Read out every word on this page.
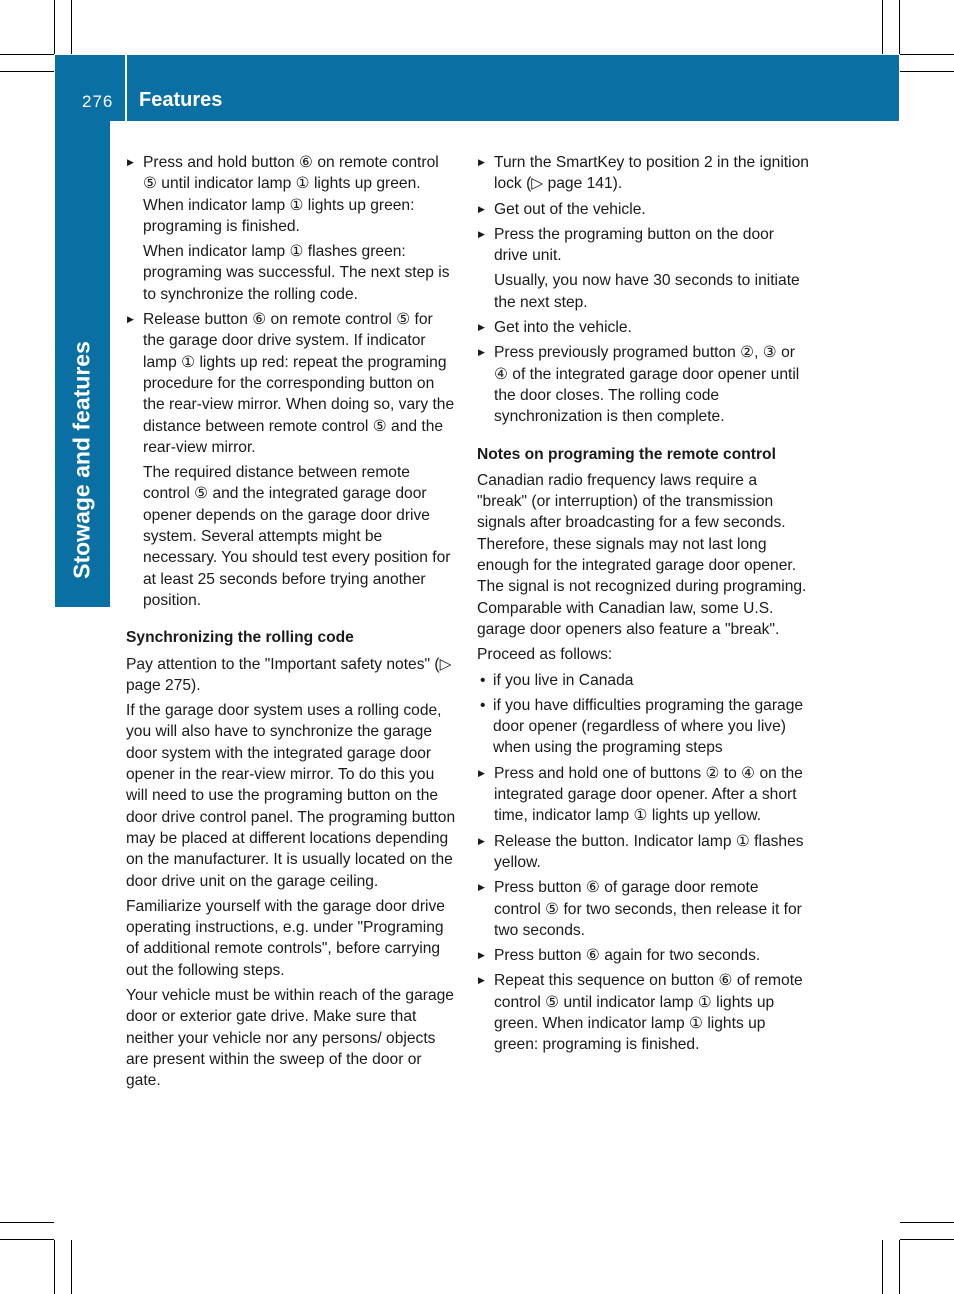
276 Features
Stowage and features
▶ Press and hold button ⑥ on remote control ⑤ until indicator lamp ① lights up green. When indicator lamp ① lights up green: programing is finished.
When indicator lamp ① flashes green: programing was successful. The next step is to synchronize the rolling code.
▶ Release button ⑥ on remote control ⑤ for the garage door drive system. If indicator lamp ① lights up red: repeat the programing procedure for the corresponding button on the rear-view mirror. When doing so, vary the distance between remote control ⑤ and the rear-view mirror.
The required distance between remote control ⑤ and the integrated garage door opener depends on the garage door drive system. Several attempts might be necessary. You should test every position for at least 25 seconds before trying another position.
Synchronizing the rolling code
Pay attention to the "Important safety notes" (▷ page 275).
If the garage door system uses a rolling code, you will also have to synchronize the garage door system with the integrated garage door opener in the rear-view mirror. To do this you will need to use the programing button on the door drive control panel. The programing button may be placed at different locations depending on the manufacturer. It is usually located on the door drive unit on the garage ceiling.
Familiarize yourself with the garage door drive operating instructions, e.g. under "Programing of additional remote controls", before carrying out the following steps.
Your vehicle must be within reach of the garage door or exterior gate drive. Make sure that neither your vehicle nor any persons/ objects are present within the sweep of the door or gate.
▶ Turn the SmartKey to position 2 in the ignition lock (▷ page 141).
▶ Get out of the vehicle.
▶ Press the programing button on the door drive unit.
Usually, you now have 30 seconds to initiate the next step.
▶ Get into the vehicle.
▶ Press previously programed button ②, ③ or ④ of the integrated garage door opener until the door closes. The rolling code synchronization is then complete.
Notes on programing the remote control
Canadian radio frequency laws require a "break" (or interruption) of the transmission signals after broadcasting for a few seconds. Therefore, these signals may not last long enough for the integrated garage door opener. The signal is not recognized during programing. Comparable with Canadian law, some U.S. garage door openers also feature a "break".
Proceed as follows:
• if you live in Canada
• if you have difficulties programing the garage door opener (regardless of where you live) when using the programing steps
▶ Press and hold one of buttons ② to ④ on the integrated garage door opener. After a short time, indicator lamp ① lights up yellow.
▶ Release the button. Indicator lamp ① flashes yellow.
▶ Press button ⑥ of garage door remote control ⑤ for two seconds, then release it for two seconds.
▶ Press button ⑥ again for two seconds.
▶ Repeat this sequence on button ⑥ of remote control ⑤ until indicator lamp ① lights up green. When indicator lamp ① lights up green: programing is finished.
